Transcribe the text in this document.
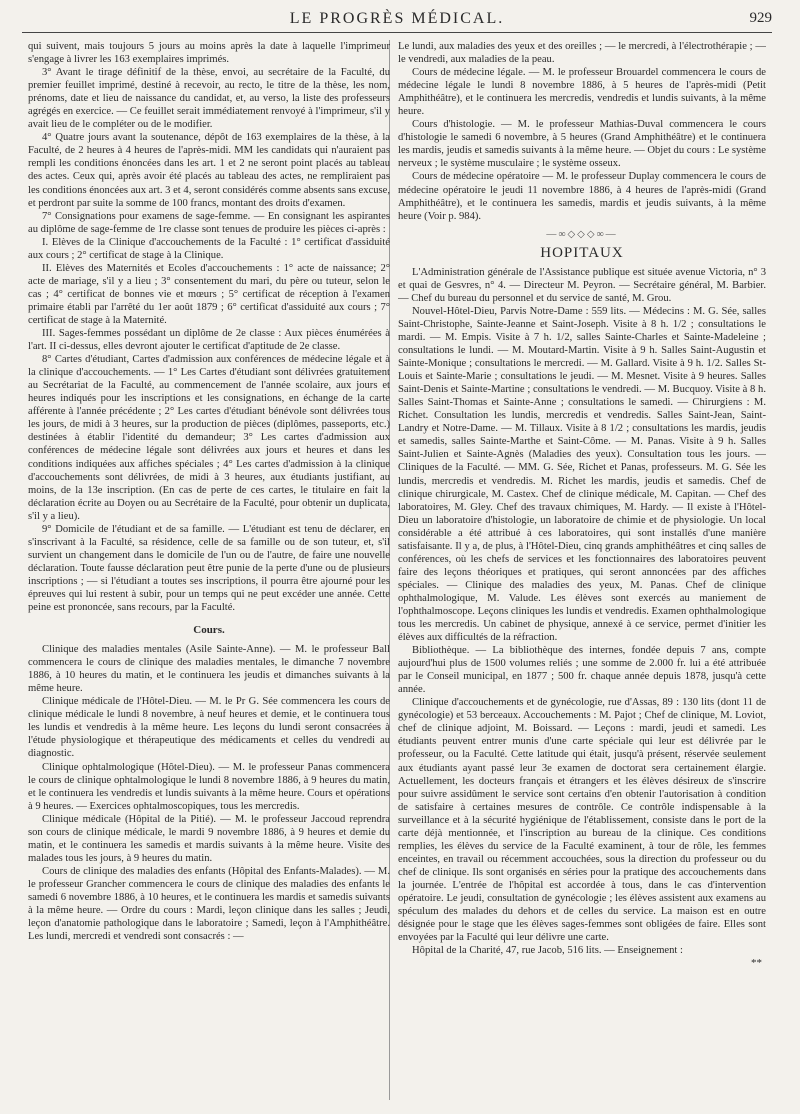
LE PROGRÈS MÉDICAL.	929

qui suivent, mais toujours 5 jours au moins après la date à laquelle l'imprimeur s'engage à livrer les 163 exemplaires imprimés.

3° Avant le tirage définitif de la thèse, envoi, au secrétaire de la Faculté, du premier feuillet imprimé, destiné à recevoir, au recto, le titre de la thèse, les nom, prénoms, date et lieu de naissance du candidat, et, au verso, la liste des professeurs agrégés en exercice. — Ce feuillet serait immédiatement renvoyé à l'imprimeur, s'il y avait lieu de le compléter ou de le modifier.

4° Quatre jours avant la soutenance, dépôt de 163 exemplaires de la thèse, à la Faculté, de 2 heures à 4 heures de l'après-midi. MM les candidats qui n'auraient pas rempli les conditions énoncées dans les art. 1 et 2 ne seront point placés au tableau des actes. Ceux qui, après avoir été placés au tableau des actes, ne rempliraient pas les conditions énoncées aux art. 3 et 4, seront considérés comme absents sans excuse, et perdront par suite la somme de 100 francs, montant des droits d'examen.

7° Consignations pour examens de sage-femme. — En consignant les aspirantes au diplôme de sage-femme de 1re classe sont tenues de produire les pièces ci-après :

I. Elèves de la Clinique d'accouchements de la Faculté : 1° certificat d'assiduité aux cours ; 2° certificat de stage à la Clinique.

II. Elèves des Maternités et Ecoles d'accouchements : 1° acte de naissance; 2° acte de mariage, s'il y a lieu ; 3° consentement du mari, du père ou tuteur, selon le cas ; 4° certificat de bonnes vie et mœurs ; 5° certificat de réception à l'examen primaire établi par l'arrêté du 1er août 1879 ; 6° certificat d'assiduité aux cours ; 7° certificat de stage à la Maternité.

III. Sages-femmes possédant un diplôme de 2e classe : Aux pièces énumérées à l'art. II ci-dessus, elles devront ajouter le certificat d'aptitude de 2e classe.

8° Cartes d'étudiant, Cartes d'admission aux conférences de médecine légale et à la clinique d'accouchements. — 1° Les Cartes d'étudiant sont délivrées gratuitement au Secrétariat de la Faculté, au commencement de l'année scolaire, aux jours et heures indiqués pour les inscriptions et les consignations, en échange de la carte afférente à l'année précédente ; 2° Les cartes d'étudiant bénévole sont délivrées tous les jours, de midi à 3 heures, sur la production de pièces (diplômes, passeports, etc.) destinées à établir l'identité du demandeur; 3° Les cartes d'admission aux conférences de médecine légale sont délivrées aux jours et heures et dans les conditions indiquées aux affiches spéciales ; 4° Les cartes d'admission à la clinique d'accouchements sont délivrées, de midi à 3 heures, aux étudiants justifiant, au moins, de la 13e inscription. (En cas de perte de ces cartes, le titulaire en fait la déclaration écrite au Doyen ou au Secrétaire de la Faculté, pour obtenir un duplicata, s'il y a lieu).

9° Domicile de l'étudiant et de sa famille. — L'étudiant est tenu de déclarer, en s'inscrivant à la Faculté, sa résidence, celle de sa famille ou de son tuteur, et, s'il survient un changement dans le domicile de l'un ou de l'autre, de faire une nouvelle déclaration. Toute fausse déclaration peut être punie de la perte d'une ou de plusieurs inscriptions ; — si l'étudiant a toutes ses inscriptions, il pourra être ajourné pour les épreuves qui lui restent à subir, pour un temps qui ne peut excéder une année. Cette peine est prononcée, sans recours, par la Faculté.

Cours.

Clinique des maladies mentales (Asile Sainte-Anne). — M. le professeur Ball commencera le cours de clinique des maladies mentales, le dimanche 7 novembre 1886, à 10 heures du matin, et le continuera les jeudis et dimanches suivants à la même heure.

Clinique médicale de l'Hôtel-Dieu. — M. le Pr G. Sée commencera les cours de clinique médicale le lundi 8 novembre, à neuf heures et demie, et le continuera tous les lundis et vendredis à la même heure. Les leçons du lundi seront consacrées à l'étude physiologique et thérapeutique des médicaments et celles du vendredi au diagnostic.

Clinique ophtalmologique (Hôtel-Dieu). — M. le professeur Panas commencera le cours de clinique ophtalmologique le lundi 8 novembre 1886, à 9 heures du matin, et le continuera les vendredis et lundis suivants à la même heure. Cours et opérations à 9 heures. — Exercices ophtalmoscopiques, tous les mercredis.

Clinique médicale (Hôpital de la Pitié). — M. le professeur Jaccoud reprendra son cours de clinique médicale, le mardi 9 novembre 1886, à 9 heures et demie du matin, et le continuera les samedis et mardis suivants à la même heure. Visite des malades tous les jours, à 9 heures du matin.

Cours de clinique des maladies des enfants (Hôpital des Enfants-Malades). — M. le professeur Grancher commencera le cours de clinique des maladies des enfants le samedi 6 novembre 1886, à 10 heures, et le continuera les mardis et samedis suivants à la même heure. — Ordre du cours : Mardi, leçon clinique dans les salles ; Jeudi, leçon d'anatomie pathologique dans le laboratoire ; Samedi, leçon à l'Amphithéâtre. Les lundi, mercredi et vendredi sont consacrés : —

Le lundi, aux maladies des yeux et des oreilles ; — le mercredi, à l'électrothérapie ; — le vendredi, aux maladies de la peau.

Cours de médecine légale. — M. le professeur Brouardel commencera le cours de médecine légale le lundi 8 novembre 1886, à 5 heures de l'après-midi (Petit Amphithéâtre), et le continuera les mercredis, vendredis et lundis suivants, à la même heure.

Cours d'histologie. — M. le professeur Mathias-Duval commencera le cours d'histologie le samedi 6 novembre, à 5 heures (Grand Amphithéâtre) et le continuera les mardis, jeudis et samedis suivants à la même heure. — Objet du cours : Le système nerveux ; le système musculaire ; le système osseux.

Cours de médecine opératoire — M. le professeur Duplay commencera le cours de médecine opératoire le jeudi 11 novembre 1886, à 4 heures de l'après-midi (Grand Amphithéâtre), et le continuera les samedis, mardis et jeudis suivants, à la même heure (Voir p. 984).

—∞◇◇◇∞—
HOPITAUX

L'Administration générale de l'Assistance publique est située avenue Victoria, n° 3 et quai de Gesvres, n° 4. — Directeur M. Peyron. — Secrétaire général, M. Barbier. — Chef du bureau du personnel et du service de santé, M. Grou.

Nouvel-Hôtel-Dieu, Parvis Notre-Dame : 559 lits. — Médecins : M. G. Sée, salles Saint-Christophe, Sainte-Jeanne et Saint-Joseph. Visite à 8 h. 1/2 ; consultations le mardi. — M. Empis. Visite à 7 h. 1/2, salles Sainte-Charles et Sainte-Madeleine ; consultations le lundi. — M. Moutard-Martin. Visite à 9 h. Salles Saint-Augustin et Sainte-Monique ; consultations le mercredi. — M. Gallard. Visite à 9 h. 1/2. Salles St-Louis et Sainte-Marie ; consultations le jeudi. — M. Mesnet. Visite à 9 heures. Salles Saint-Denis et Sainte-Martine ; consultations le vendredi. — M. Bucquoy. Visite à 8 h. Salles Saint-Thomas et Sainte-Anne ; consultations le samedi. — Chirurgiens : M. Richet. Consultation les lundis, mercredis et vendredis. Salles Saint-Jean, Saint-Landry et Notre-Dame. — M. Tillaux. Visite à 8 1/2 ; consultations les mardis, jeudis et samedis, salles Sainte-Marthe et Saint-Côme. — M. Panas. Visite à 9 h. Salles Saint-Julien et Sainte-Agnès (Maladies des yeux). Consultation tous les jours. — Cliniques de la Faculté. — MM. G. Sée, Richet et Panas, professeurs. M. G. Sée les lundis, mercredis et vendredis. M. Richet les mardis, jeudis et samedis. Chef de clinique chirurgicale, M. Castex. Chef de clinique médicale, M. Capitan. — Chef des laboratoires, M. Gley. Chef des travaux chimiques, M. Hardy. — Il existe à l'Hôtel-Dieu un laboratoire d'histologie, un laboratoire de chimie et de physiologie. Un local considérable a été attribué à ces laboratoires, qui sont installés d'une manière satisfaisante. Il y a, de plus, à l'Hôtel-Dieu, cinq grands amphithéâtres et cinq salles de conférences, où les chefs de services et les fonctionnaires des laboratoires peuvent faire des leçons théoriques et pratiques, qui seront annoncées par des affiches spéciales. — Clinique des maladies des yeux, M. Panas. Chef de clinique ophthalmologique, M. Valude. Les élèves sont exercés au maniement de l'ophthalmoscope. Leçons cliniques les lundis et vendredis. Examen ophthalmologique tous les mercredis. Un cabinet de physique, annexé à ce service, permet d'initier les élèves aux difficultés de la réfraction.

Bibliothèque. — La bibliothèque des internes, fondée depuis 7 ans, compte aujourd'hui plus de 1500 volumes reliés ; une somme de 2.000 fr. lui a été attribuée par le Conseil municipal, en 1877 ; 500 fr. chaque année depuis 1878, jusqu'à cette année.

Clinique d'accouchements et de gynécologie, rue d'Assas, 89 : 130 lits (dont 11 de gynécologie) et 53 berceaux. Accouchements : M. Pajot ; Chef de clinique, M. Loviot, chef de clinique adjoint, M. Boissard. — Leçons : mardi, jeudi et samedi. Les étudiants peuvent entrer munis d'une carte spéciale qui leur est délivrée par le professeur, ou la Faculté. Cette latitude qui était, jusqu'à présent, réservée seulement aux étudiants ayant passé leur 3e examen de doctorat sera certainement élargie. Actuellement, les docteurs français et étrangers et les élèves désireux de s'inscrire pour suivre assidûment le service sont certains d'en obtenir l'autorisation à condition de satisfaire à certaines mesures de contrôle. Ce contrôle indispensable à la surveillance et à la sécurité hygiénique de l'établissement, consiste dans le port de la carte déjà mentionnée, et l'inscription au bureau de la clinique. Ces conditions remplies, les élèves du service de la Faculté examinent, à tour de rôle, les femmes enceintes, en travail ou récemment accouchées, sous la direction du professeur ou du chef de clinique. Ils sont organisés en séries pour la pratique des accouchements dans la journée. L'entrée de l'hôpital est accordée à tous, dans le cas d'intervention opératoire. Le jeudi, consultation de gynécologie ; les élèves assistent aux examens au spéculum des malades du dehors et de celles du service. La maison est en outre désignée pour le stage que les élèves sages-femmes sont obligées de faire. Elles sont envoyées par la Faculté qui leur délivre une carte.

Hôpital de la Charité, 47, rue Jacob, 516 lits. — Enseignement :

**
